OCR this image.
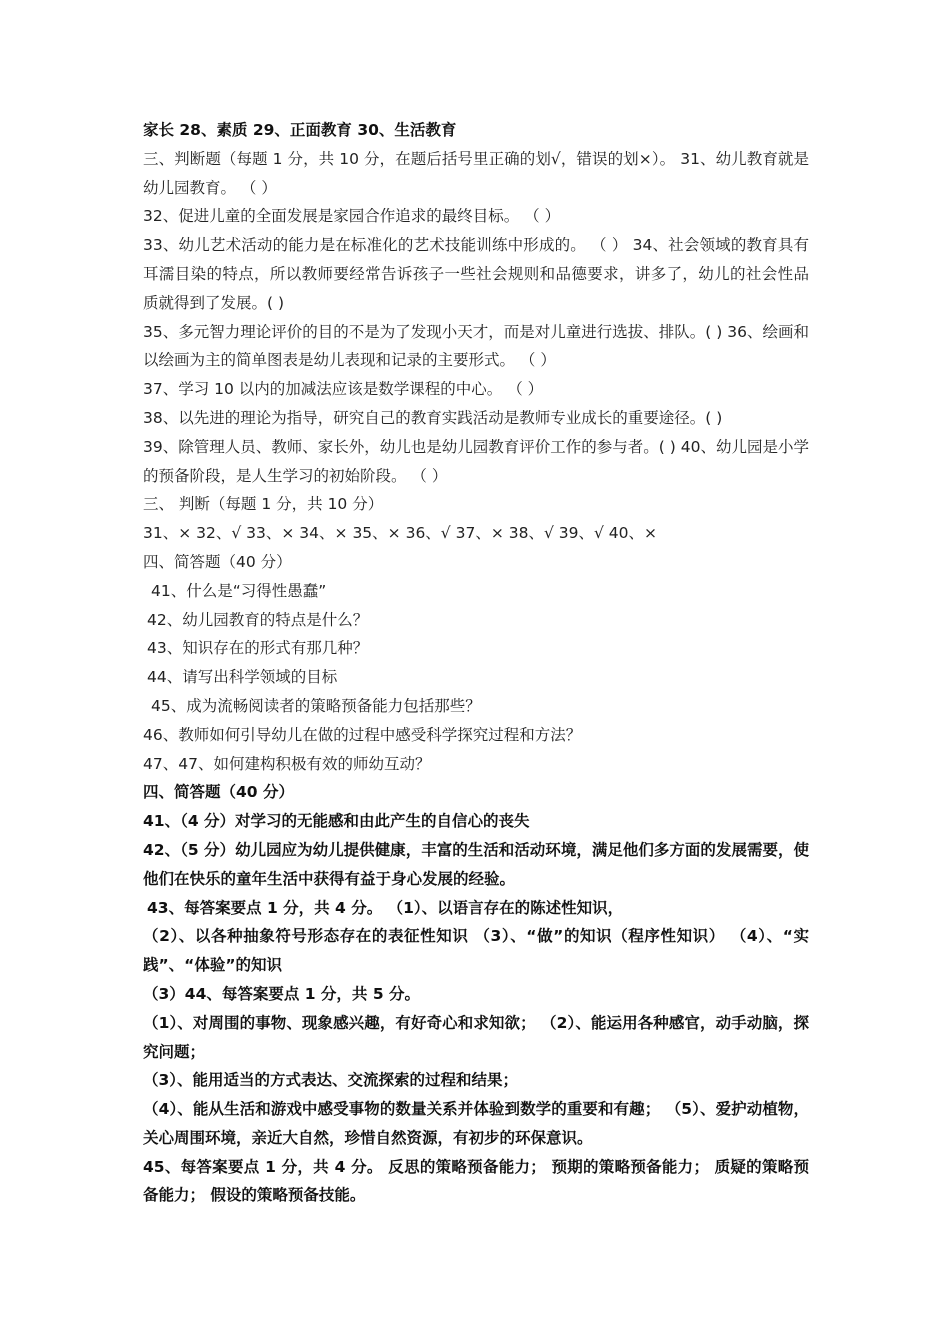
家长 28、素质 29、正面教育 30、生活教育

三、判断题（每题 1 分，共 10 分，在题后括号里正确的划√，错误的划×）。 31、幼儿教育就是幼儿园教育。 （ ）

32、促进儿童的全面发展是家园合作追求的最终目标。 （ ）

33、幼儿艺术活动的能力是在标准化的艺术技能训练中形成的。 （ ） 34、社会领域的教育具有耳濡目染的特点，所以教师要经常告诉孩子一些社会规则和品德要求，讲多了，幼儿的社会性品质就得到了发展。( )

35、多元智力理论评价的目的不是为了发现小天才，而是对儿童进行选拔、排队。( ) 36、绘画和以绘画为主的简单图表是幼儿表现和记录的主要形式。 （ ）

37、学习 10 以内的加减法应该是数学课程的中心。 （ ）

38、以先进的理论为指导，研究自己的教育实践活动是教师专业成长的重要途径。( )

39、除管理人员、教师、家长外，幼儿也是幼儿园教育评价工作的参与者。( ) 40、幼儿园是小学的预备阶段，是人生学习的初始阶段。 （ ）

三、 判断（每题 1 分，共 10 分）

31、× 32、√ 33、× 34、× 35、× 36、√ 37、× 38、√ 39、√ 40、×

四、简答题（40 分）

41、什么是“习得性愚蠢”

42、幼儿园教育的特点是什么？

43、知识存在的形式有那几种？

44、请写出科学领域的目标

45、成为流畅阅读者的策略预备能力包括那些？

46、教师如何引导幼儿在做的过程中感受科学探究过程和方法？

47、47、如何建构积极有效的师幼互动？

四、简答题（40 分）

41、（4 分）对学习的无能感和由此产生的自信心的丧失

42、（5 分）幼儿园应为幼儿提供健康，丰富的生活和活动环境，满足他们多方面的发展需要，使他们在快乐的童年生活中获得有益于身心发展的经验。

43、每答案要点 1 分，共 4 分。 （1）、以语言存在的陈述性知识，

（2）、以各种抽象符号形态存在的表征性知识 （3）、“做”的知识（程序性知识） （4）、“实践”、“体验”的知识

（3）44、每答案要点 1 分，共 5 分。

（1）、对周围的事物、现象感兴趣，有好奇心和求知欲； （2）、能运用各种感官，动手动脑，探究问题；

（3）、能用适当的方式表达、交流探索的过程和结果；

（4）、能从生活和游戏中感受事物的数量关系并体验到数学的重要和有趣； （5）、爱护动植物，关心周围环境，亲近大自然，珍惜自然资源，有初步的环保意识。

45、每答案要点 1 分，共 4 分。 反思的策略预备能力； 预期的策略预备能力； 质疑的策略预备能力； 假设的策略预备技能。
